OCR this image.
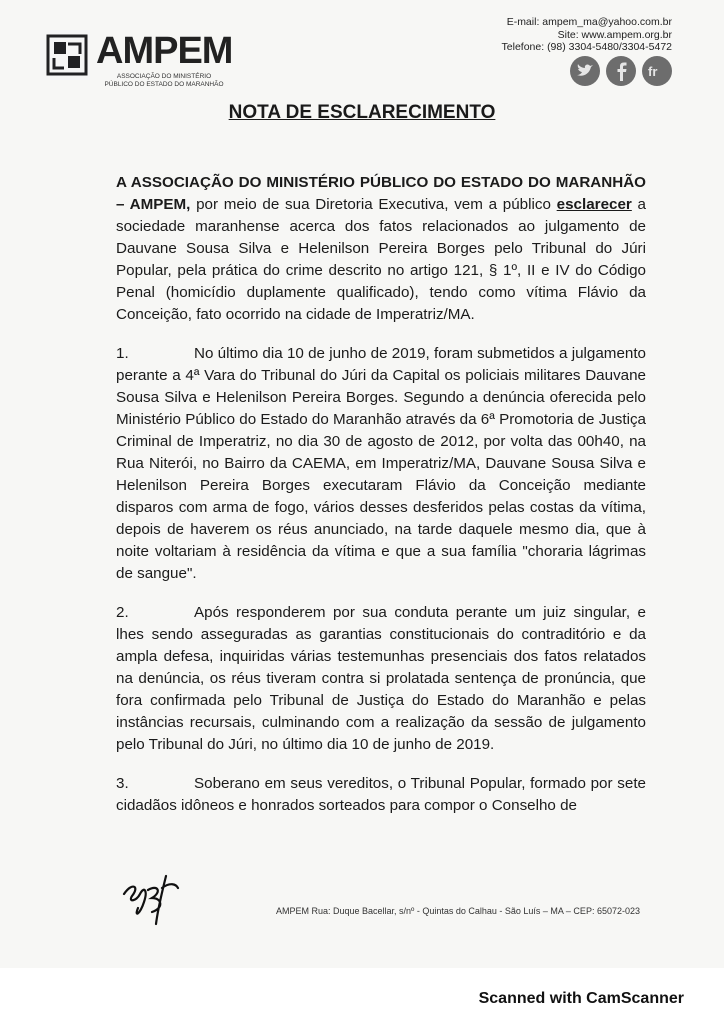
AMPEM
ASSOCIAÇÃO DO MINISTÉRIO PÚBLICO DO ESTADO DO MARANHÃO
E-mail: ampem_ma@yahoo.com.br
Site: www.ampem.org.br
Telefone: (98) 3304-5480/3304-5472
fr
NOTA DE ESCLARECIMENTO

A ASSOCIAÇÃO DO MINISTÉRIO PÚBLICO DO ESTADO DO MARANHÃO – AMPEM, por meio de sua Diretoria Executiva, vem a público esclarecer a sociedade maranhense acerca dos fatos relacionados ao julgamento de Dauvane Sousa Silva e Helenilson Pereira Borges pelo Tribunal do Júri Popular, pela prática do crime descrito no artigo 121, § 1º, II e IV do Código Penal (homicídio duplamente qualificado), tendo como vítima Flávio da Conceição, fato ocorrido na cidade de Imperatriz/MA.

1.	No último dia 10 de junho de 2019, foram submetidos a julgamento perante a 4ª Vara do Tribunal do Júri da Capital os policiais militares Dauvane Sousa Silva e Helenilson Pereira Borges. Segundo a denúncia oferecida pelo Ministério Público do Estado do Maranhão através da 6ª Promotoria de Justiça Criminal de Imperatriz, no dia 30 de agosto de 2012, por volta das 00h40, na Rua Niterói, no Bairro da CAEMA, em Imperatriz/MA, Dauvane Sousa Silva e Helenilson Pereira Borges executaram Flávio da Conceição mediante disparos com arma de fogo, vários desses desferidos pelas costas da vítima, depois de haverem os réus anunciado, na tarde daquele mesmo dia, que à noite voltariam à residência da vítima e que a sua família "choraria lágrimas de sangue".

2.	Após responderem por sua conduta perante um juiz singular, e lhes sendo asseguradas as garantias constitucionais do contraditório e da ampla defesa, inquiridas várias testemunhas presenciais dos fatos relatados na denúncia, os réus tiveram contra si prolatada sentença de pronúncia, que fora confirmada pelo Tribunal de Justiça do Estado do Maranhão e pelas instâncias recursais, culminando com a realização da sessão de julgamento pelo Tribunal do Júri, no último dia 10 de junho de 2019.

3.	Soberano em seus vereditos, o Tribunal Popular, formado por sete cidadãos idôneos e honrados sorteados para compor o Conselho de

AMPEM Rua: Duque Bacellar, s/nº - Quintas do Calhau - São Luís – MA – CEP: 65072-023
Scanned with CamScanner
